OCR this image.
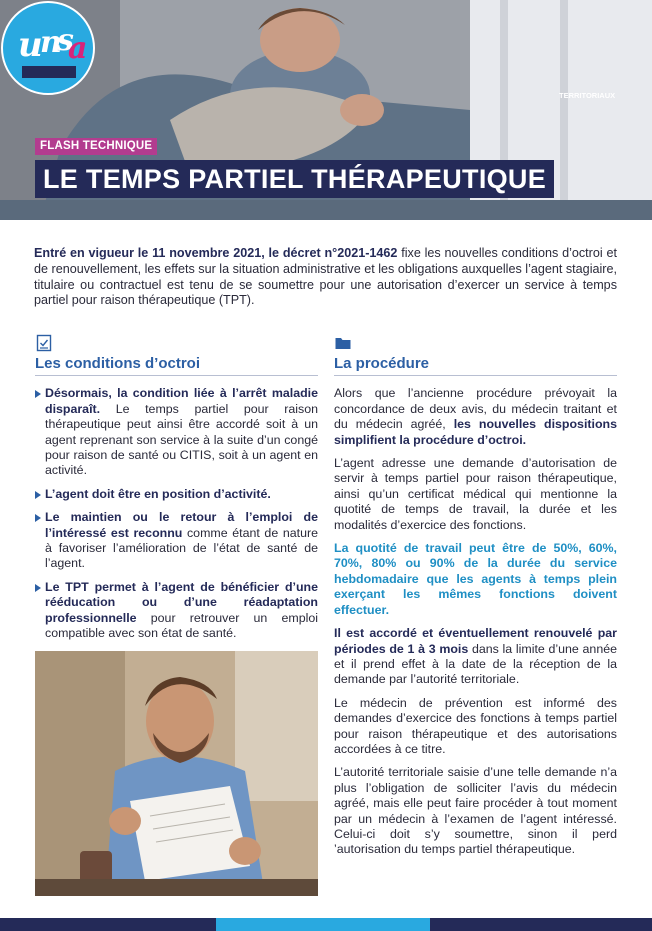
u
n
s
a
TERRITORIAUX
FLASH TECHNIQUE
LE TEMPS PARTIEL THÉRAPEUTIQUE
Entré en vigueur le 11 novembre 2021, le décret n°2021-1462 fixe les nouvelles conditions d’octroi et de renouvellement, les effets sur la situation administrative et les obligations auxquelles l’agent stagiaire, titulaire ou contractuel est tenu de se soumettre pour une autorisation d’exercer un service à temps partiel pour raison thérapeutique (TPT).
Les conditions d’octroi

Désormais, la condition liée à l’arrêt maladie disparaît. Le temps partiel pour raison thérapeutique peut ainsi être accordé soit à un agent reprenant son service à la suite d’un congé pour raison de santé ou CITIS, soit à un agent en activité.

L’agent doit être en position d’activité.

Le maintien ou le retour à l’emploi de l’intéressé est reconnu comme étant de nature à favoriser l’amélioration de l’état de santé de l’agent.

Le TPT permet à l’agent de bénéficier d’une rééducation ou d’une réadaptation professionnelle pour retrouver un emploi compatible avec son état de santé.

La procédure

Alors que l’ancienne procédure prévoyait la concordance de deux avis, du médecin traitant et du médecin agréé, les nouvelles dispositions simplifient la procédure d’octroi.

L’agent adresse une demande d’autorisation de servir à temps partiel pour raison thérapeutique, ainsi qu’un certificat médical qui mentionne la quotité de temps de travail, la durée et les modalités d’exercice des fonctions.

La quotité de travail peut être de 50%, 60%, 70%, 80% ou 90% de la durée du service hebdomadaire que les agents à temps plein exerçant les mêmes fonctions doivent effectuer.

Il est accordé et éventuellement renouvelé par périodes de 1 à 3 mois dans la limite d’une année et il prend effet à la date de la réception de la demande par l’autorité territoriale.

Le médecin de prévention est informé des demandes d’exercice des fonctions à temps partiel pour raison thérapeutique et des autorisations accordées à ce titre.

L’autorité territoriale saisie d’une telle demande n’a plus l’obligation de solliciter l’avis du médecin agréé, mais elle peut faire procéder à tout moment par un médecin à l’examen de l’agent intéressé. Celui-ci doit s’y soumettre, sinon il perd ’autorisation du temps partiel thérapeutique.
